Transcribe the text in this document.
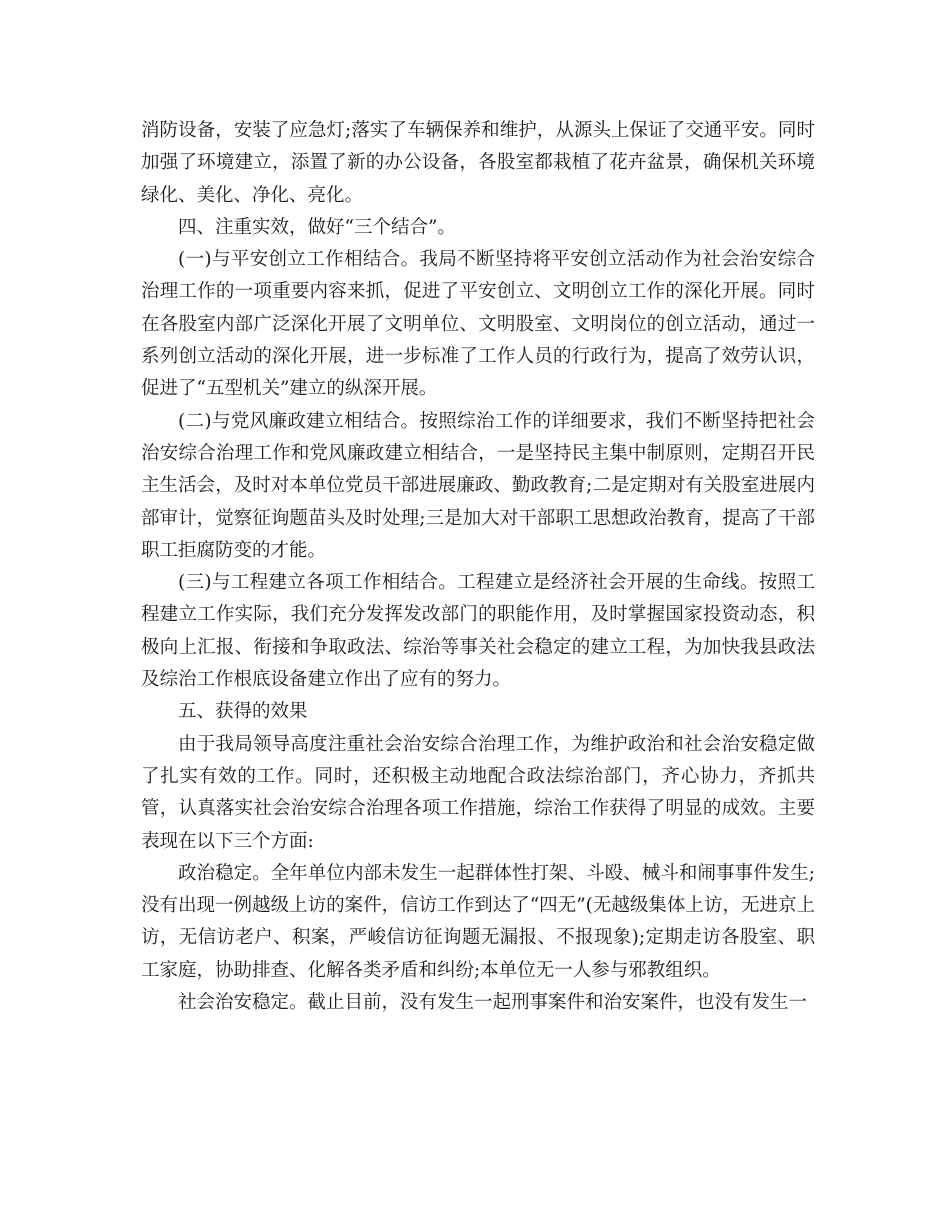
消防设备，安装了应急灯;落实了车辆保养和维护，从源头上保证了交通平安。同时加强了环境建立，添置了新的办公设备，各股室都栽植了花卉盆景，确保机关环境绿化、美化、净化、亮化。

四、注重实效，做好“三个结合”。

(一)与平安创立工作相结合。我局不断坚持将平安创立活动作为社会治安综合治理工作的一项重要内容来抓，促进了平安创立、文明创立工作的深化开展。同时在各股室内部广泛深化开展了文明单位、文明股室、文明岗位的创立活动，通过一系列创立活动的深化开展，进一步标准了工作人员的行政行为，提高了效劳认识，促进了“五型机关”建立的纵深开展。

(二)与党风廉政建立相结合。按照综治工作的详细要求，我们不断坚持把社会治安综合治理工作和党风廉政建立相结合，一是坚持民主集中制原则，定期召开民主生活会，及时对本单位党员干部进展廉政、勤政教育;二是定期对有关股室进展内部审计，觉察征询题苗头及时处理;三是加大对干部职工思想政治教育，提高了干部职工拒腐防变的才能。

(三)与工程建立各项工作相结合。工程建立是经济社会开展的生命线。按照工程建立工作实际，我们充分发挥发改部门的职能作用，及时掌握国家投资动态，积极向上汇报、衔接和争取政法、综治等事关社会稳定的建立工程，为加快我县政法及综治工作根底设备建立作出了应有的努力。

五、获得的效果

由于我局领导高度注重社会治安综合治理工作，为维护政治和社会治安稳定做了扎实有效的工作。同时，还积极主动地配合政法综治部门，齐心协力，齐抓共管，认真落实社会治安综合治理各项工作措施，综治工作获得了明显的成效。主要表现在以下三个方面:

政治稳定。全年单位内部未发生一起群体性打架、斗殴、械斗和闹事事件发生;没有出现一例越级上访的案件，信访工作到达了“四无”(无越级集体上访，无进京上访，无信访老户、积案，严峻信访征询题无漏报、不报现象);定期走访各股室、职工家庭，协助排查、化解各类矛盾和纠纷;本单位无一人参与邪教组织。

社会治安稳定。截止目前，没有发生一起刑事案件和治安案件，也没有发生一
